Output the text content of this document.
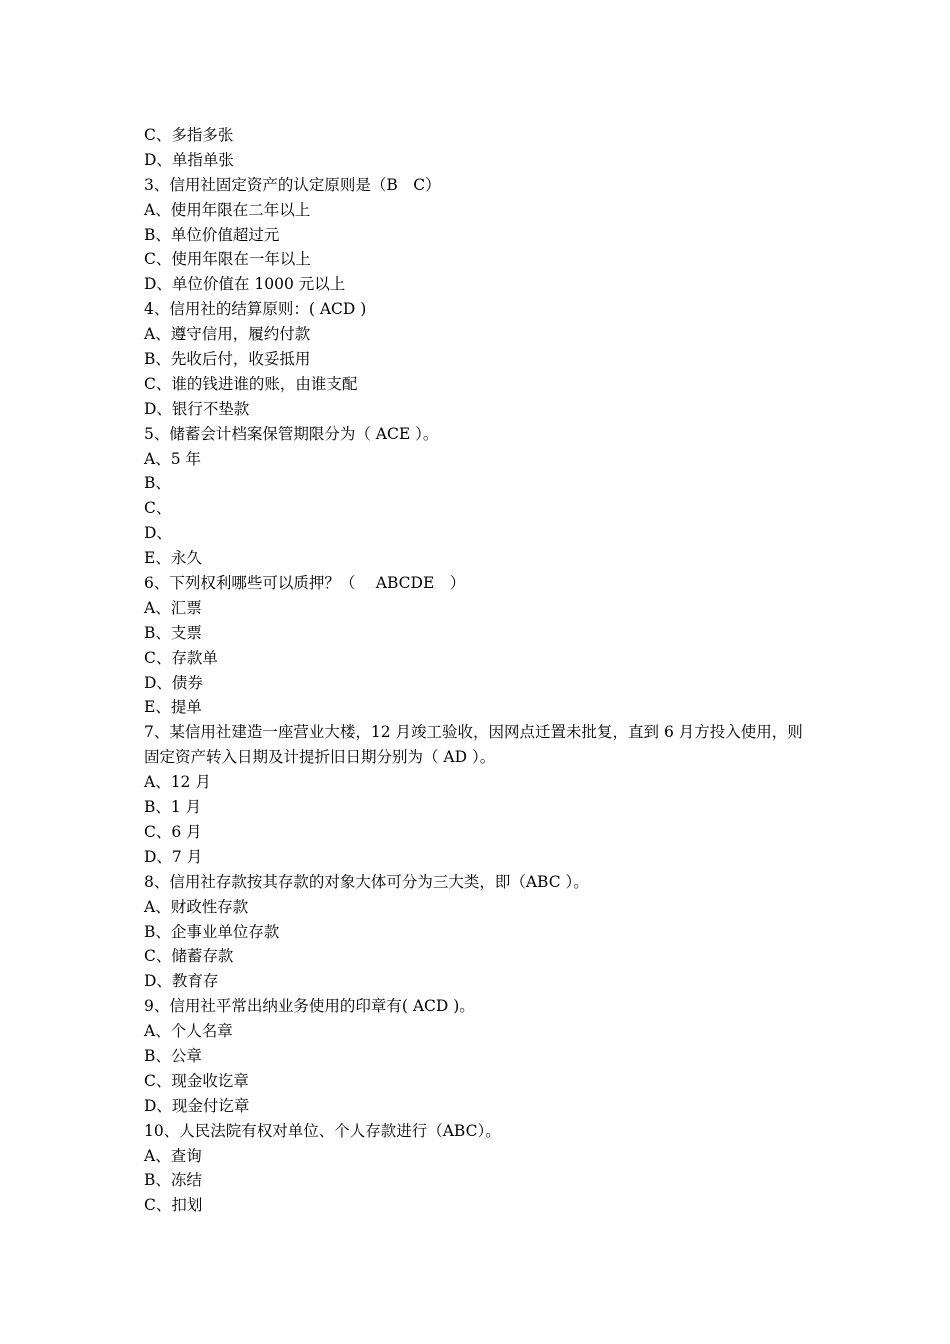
C、多指多张
D、单指单张
3、信用社固定资产的认定原则是（B　C）
A、使用年限在二年以上
B、单位价值超过元
C、使用年限在一年以上
D、单位价值在 1000 元以上
4、信用社的结算原则：( ACD )
A、遵守信用，履约付款
B、先收后付，收妥抵用
C、谁的钱进谁的账，由谁支配
D、银行不垫款
5、储蓄会计档案保管期限分为（ ACE ）。
A、5 年
B、
C、
D、
E、永久
6、下列权利哪些可以质押？（　 ABCDE　）
A、汇票
B、支票
C、存款单
D、债券
E、提单
7、某信用社建造一座营业大楼，12 月竣工验收，因网点迁置未批复，直到 6 月方投入使用，则固定资产转入日期及计提折旧日期分别为（ AD ）。
A、12 月
B、1 月
C、6 月
D、7 月
8、信用社存款按其存款的对象大体可分为三大类，即（ABC ）。
A、财政性存款
B、企事业单位存款
C、储蓄存款
D、教育存
9、信用社平常出纳业务使用的印章有( ACD )。
A、个人名章
B、公章
C、现金收讫章
D、现金付讫章
10、人民法院有权对单位、个人存款进行（ABC）。
A、查询
B、冻结
C、扣划
